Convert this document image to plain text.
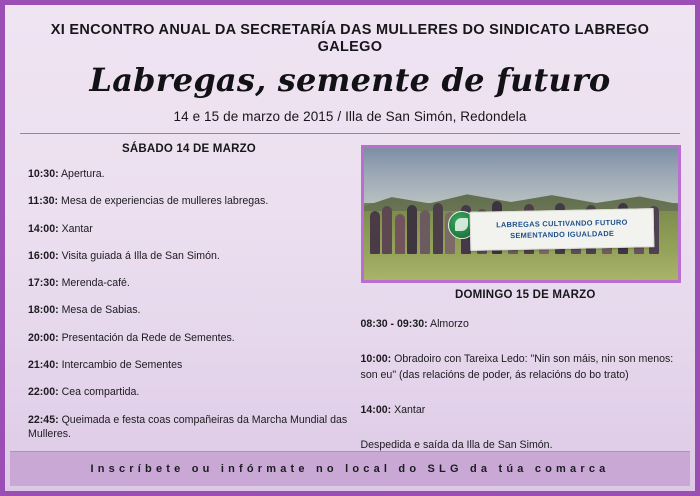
XI ENCONTRO ANUAL DA SECRETARÍA DAS MULLERES DO SINDICATO LABREGO GALEGO
Labregas, semente de futuro
14 e 15 de marzo de 2015 / Illa de San Simón, Redondela
SÁBADO 14 DE MARZO
10:30: Apertura.
11:30: Mesa de experiencias de mulleres labregas.
14:00: Xantar
16:00: Visita guiada á Illa de San Simón.
17:30: Merenda-café.
18:00: Mesa de Sabias.
20:00: Presentación da Rede de Sementes.
21:40: Intercambio de Sementes
22:00: Cea compartida.
22:45: Queimada e festa coas compañeiras da Marcha Mundial das Mulleres.
LABREGAS CULTIVANDO FUTURO
SEMENTANDO IGUALDADE
DOMINGO 15 DE MARZO
08:30 - 09:30: Almorzo
10:00: Obradoiro con Tareixa Ledo: "Nin son máis, nin son menos: son eu" (das relacións de poder, ás relacións do bo trato)
14:00: Xantar
Despedida e saída da Illa de San Simón.
Inscríbete ou infórmate no local do SLG da túa comarca
